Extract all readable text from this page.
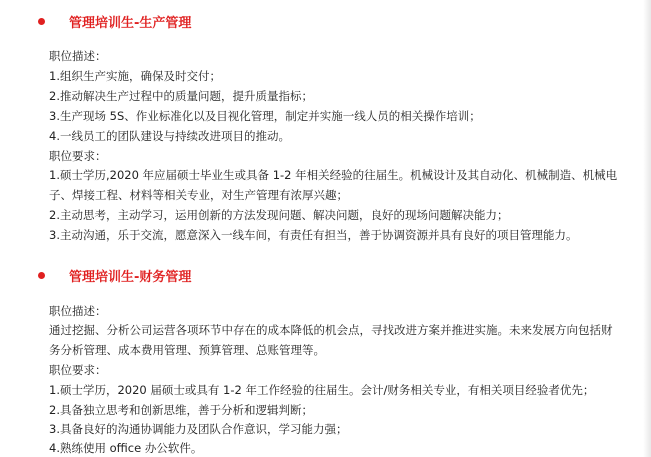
管理培训生-生产管理
职位描述：
1.组织生产实施，确保及时交付；
2.推动解决生产过程中的质量问题，提升质量指标；
3.生产现场 5S、作业标准化以及目视化管理，制定并实施一线人员的相关操作培训；
4.一线员工的团队建设与持续改进项目的推动。
职位要求：
1.硕士学历,2020 年应届硕士毕业生或具备 1-2 年相关经验的往届生。机械设计及其自动化、机械制造、机械电
子、焊接工程、材料等相关专业，对生产管理有浓厚兴趣；
2.主动思考，主动学习，运用创新的方法发现问题、解决问题，良好的现场问题解决能力；
3.主动沟通，乐于交流，愿意深入一线车间，有责任有担当，善于协调资源并具有良好的项目管理能力。
管理培训生-财务管理
职位描述：
通过挖掘、分析公司运营各项环节中存在的成本降低的机会点，寻找改进方案并推进实施。未来发展方向包括财
务分析管理、成本费用管理、预算管理、总账管理等。
职位要求：
1.硕士学历，2020 届硕士或具有 1-2 年工作经验的往届生。会计/财务相关专业，有相关项目经验者优先；
2.具备独立思考和创新思维，善于分析和逻辑判断；
3.具备良好的沟通协调能力及团队合作意识，学习能力强；
4.熟练使用 office 办公软件。
